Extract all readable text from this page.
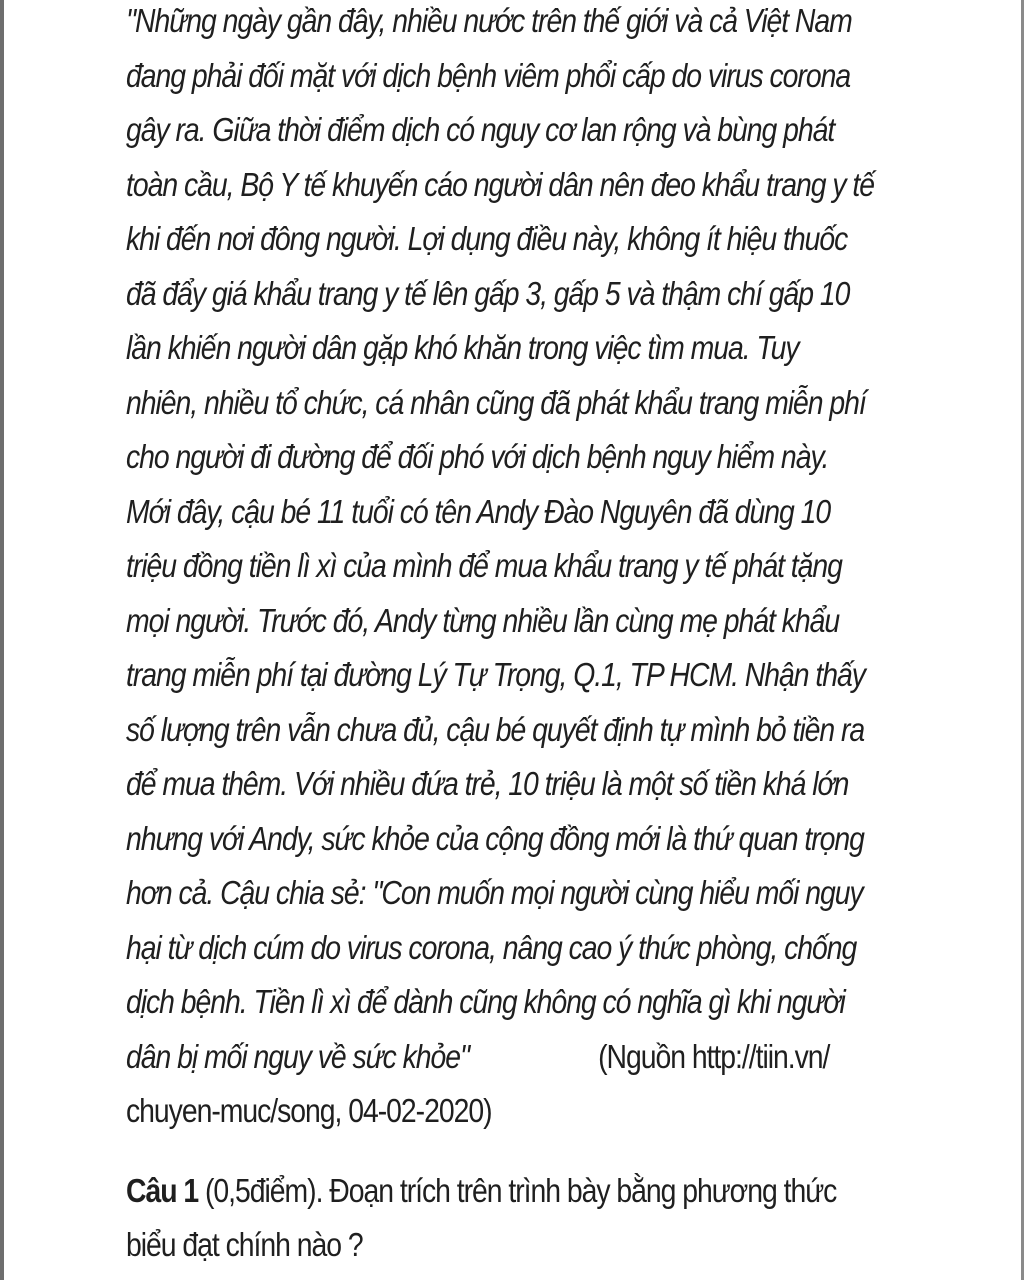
"Những ngày gần đây, nhiều nước trên thế giới và cả Việt Nam
đang phải đối mặt với dịch bệnh viêm phổi cấp do virus corona
gây ra. Giữa thời điểm dịch có nguy cơ lan rộng và bùng phát
toàn cầu, Bộ Y tế khuyến cáo người dân nên đeo khẩu trang y tế
khi đến nơi đông người. Lợi dụng điều này, không ít hiệu thuốc
đã đẩy giá khẩu trang y tế lên gấp 3, gấp 5 và thậm chí gấp 10
lần khiến người dân gặp khó khăn trong việc tìm mua. Tuy
nhiên, nhiều tổ chức, cá nhân cũng đã phát khẩu trang miễn phí
cho người đi đường để đối phó với dịch bệnh nguy hiểm này.
Mới đây, cậu bé 11 tuổi có tên Andy Đào Nguyên đã dùng 10
triệu đồng tiền lì xì của mình để mua khẩu trang y tế phát tặng
mọi người. Trước đó, Andy từng nhiều lần cùng mẹ phát khẩu
trang miễn phí tại đường Lý Tự Trọng, Q.1, TP HCM. Nhận thấy
số lượng trên vẫn chưa đủ, cậu bé quyết định tự mình bỏ tiền ra
để mua thêm. Với nhiều đứa trẻ, 10 triệu là một số tiền khá lớn
nhưng với Andy, sức khỏe của cộng đồng mới là thứ quan trọng
hơn cả. Cậu chia sẻ: "Con muốn mọi người cùng hiểu mối nguy
hại từ dịch cúm do virus corona, nâng cao ý thức phòng, chống
dịch bệnh. Tiền lì xì để dành cũng không có nghĩa gì khi người
dân bị mối nguy về sức khỏe"	(Nguồn http://tiin.vn/
chuyen-muc/song, 04-02-2020)
Câu 1 (0,5điểm). Đoạn trích trên trình bày bằng phương thức
biểu đạt chính nào ?
